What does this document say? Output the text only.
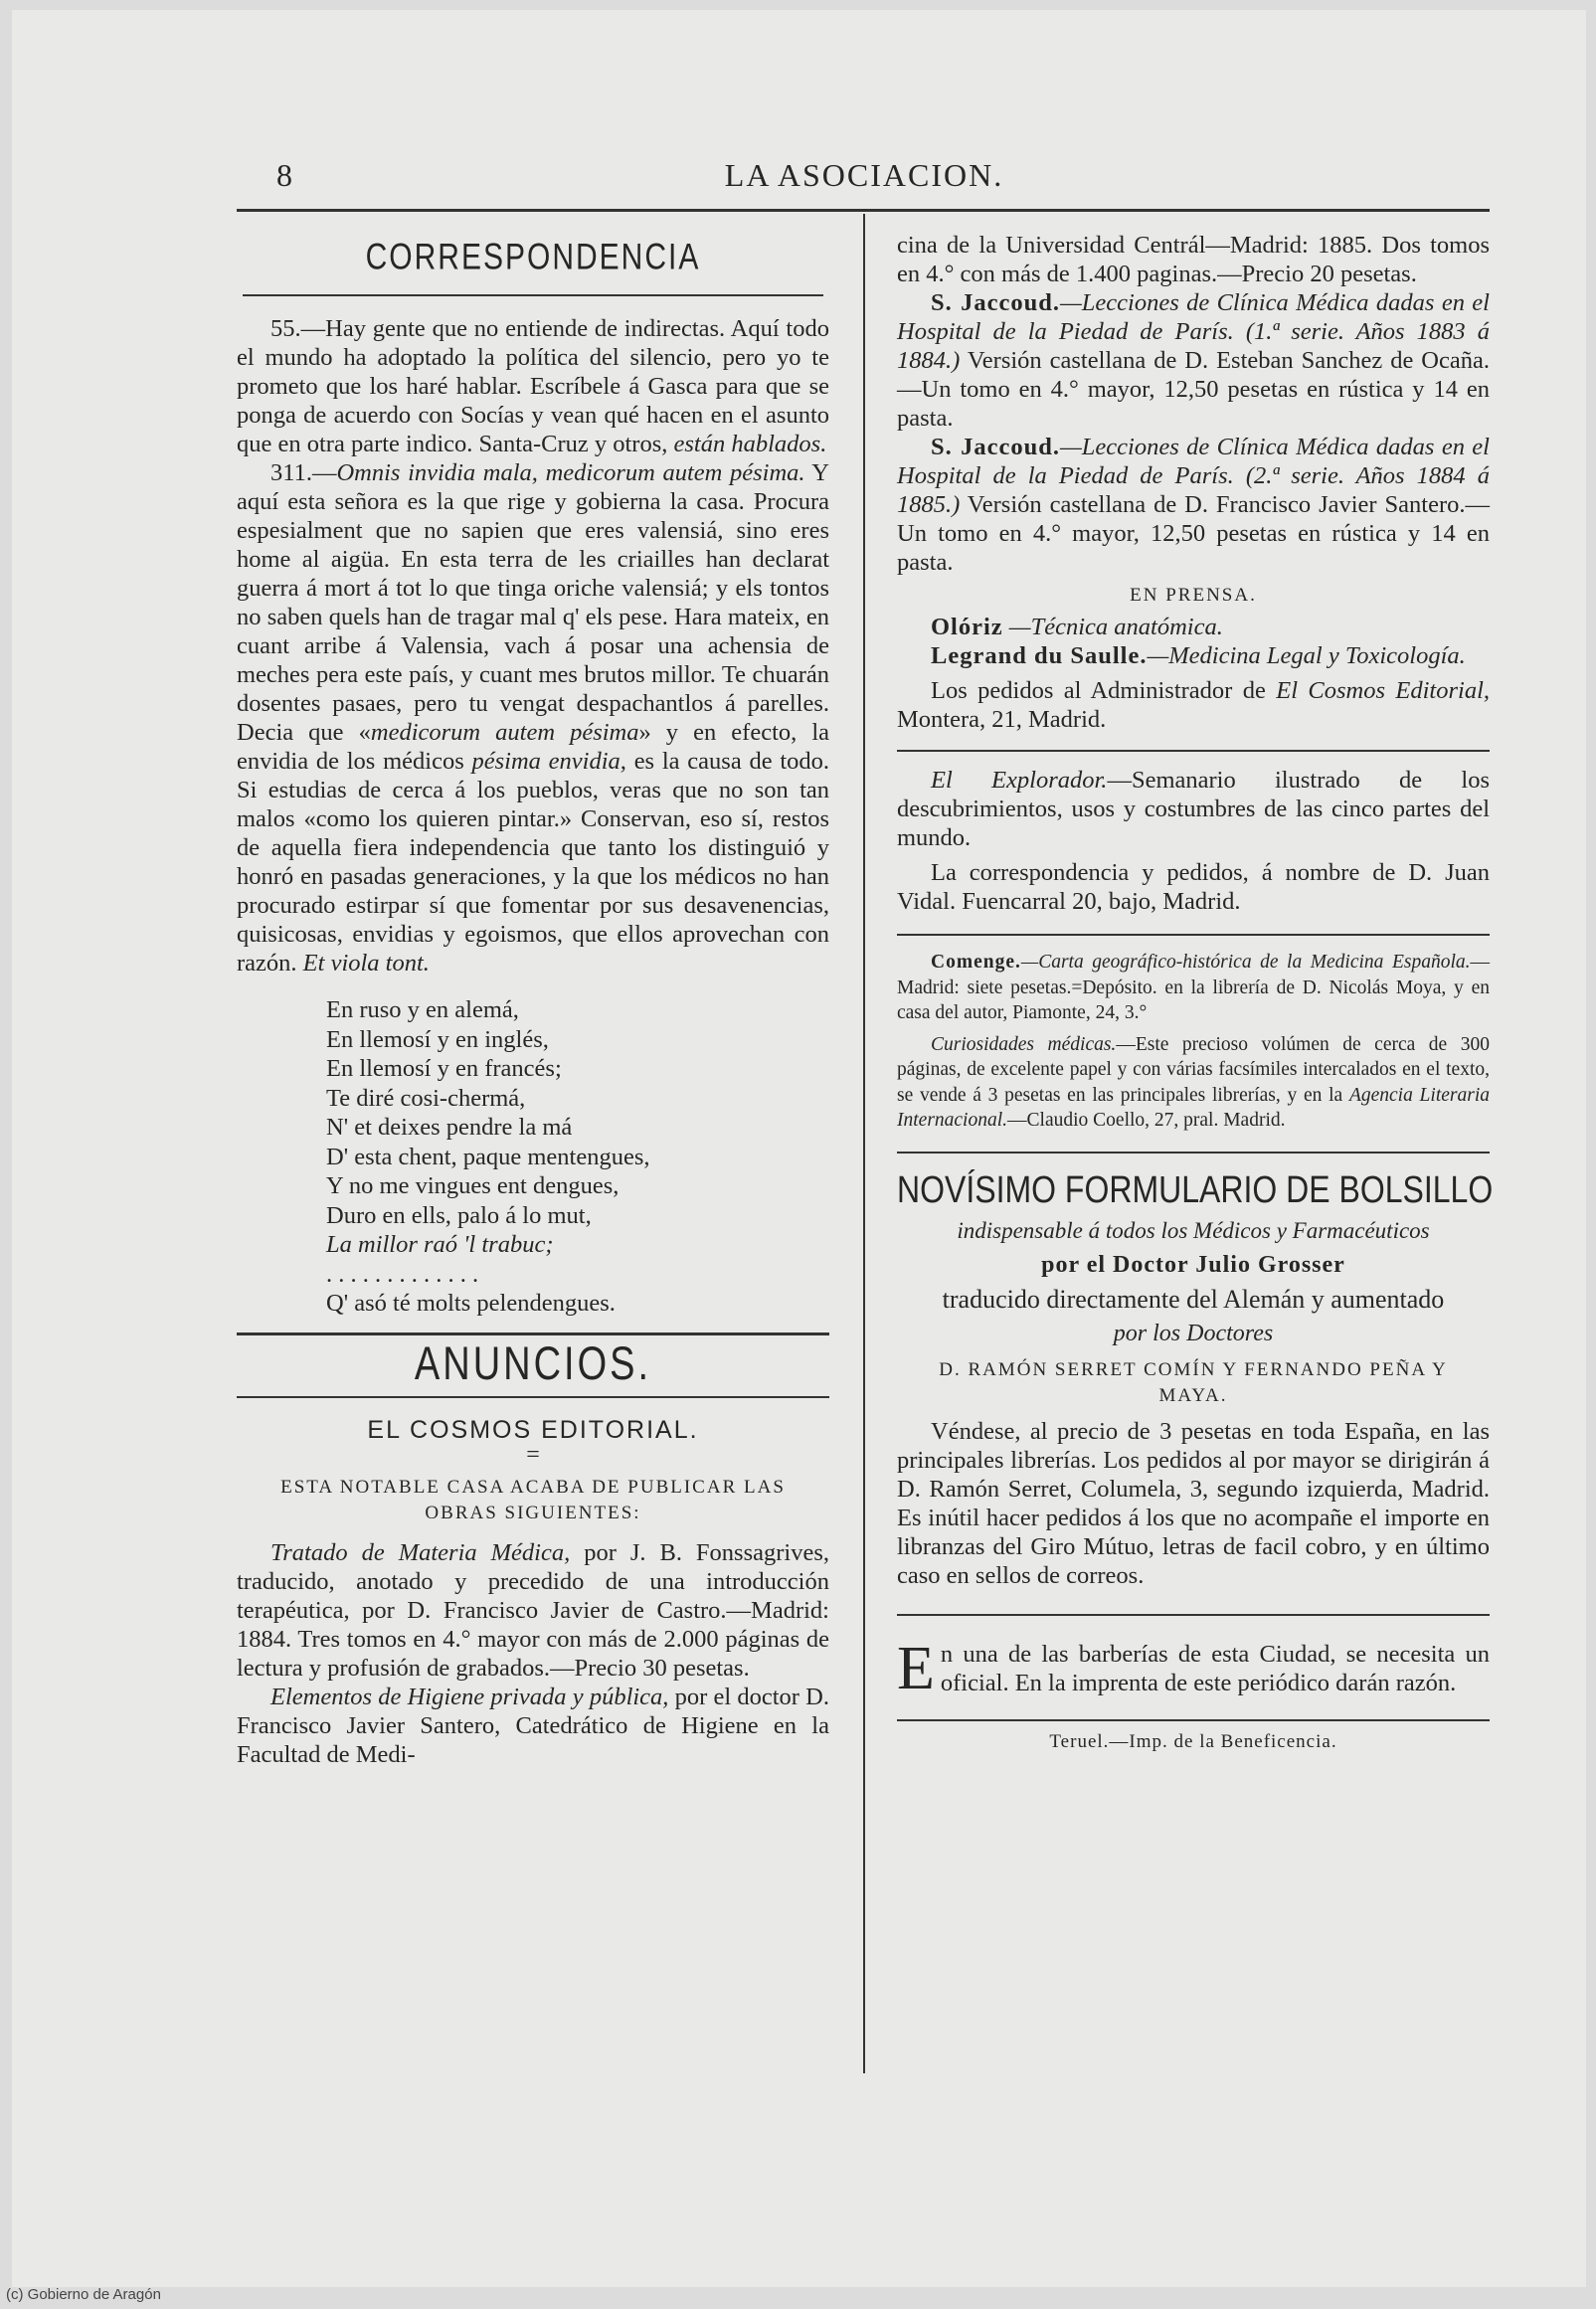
8	LA ASOCIACION.
CORRESPONDENCIA

55.—Hay gente que no entiende de indirectas. Aquí todo el mundo ha adoptado la política del silencio, pero yo te prometo que los haré hablar. Escríbele á Gasca para que se ponga de acuerdo con Socías y vean qué hacen en el asunto que en otra parte indico. Santa-Cruz y otros, están hablados.

311.—Omnis invidia mala, medicorum autem pésima. Y aquí esta señora es la que rige y gobierna la casa. Procura espesialment que no sapien que eres valensiá, sino eres home al aigüa. En esta terra de les criailles han declarat guerra á mort á tot lo que tinga oriche valensiá; y els tontos no saben quels han de tragar mal q' els pese. Hara mateix, en cuant arribe á Valensia, vach á posar una achensia de meches pera este país, y cuant mes brutos millor. Te chuarán dosentes pasaes, pero tu vengat despachantlos á parelles. Decia que «medicorum autem pésima» y en efecto, la envidia de los médicos pésima envidia, es la causa de todo. Si estudias de cerca á los pueblos, veras que no son tan malos «como los quieren pintar.» Conservan, eso sí, restos de aquella fiera independencia que tanto los distinguió y honró en pasadas generaciones, y la que los médicos no han procurado estirpar sí que fomentar por sus desavenencias, quisicosas, envidias y egoismos, que ellos aprovechan con razón. Et viola tont.

En ruso y en alemá,
En llemosí y en inglés,
En llemosí y en francés;
Te diré cosi-chermá,
N' et deixes pendre la má
D' esta chent, paque mentengues,
Y no me vingues ent dengues,
Duro en ells, palo á lo mut,
La millor raó 'l trabuc;
. . . . . . . . . . . . .
Q' asó té molts pelendengues.
ANUNCIOS.
EL COSMOS EDITORIAL.
=
ESTA NOTABLE CASA ACABA DE PUBLICAR LAS OBRAS SIGUIENTES:

Tratado de Materia Médica, por J. B. Fonssagrives, traducido, anotado y precedido de una introducción terapéutica, por D. Francisco Javier de Castro.—Madrid: 1884. Tres tomos en 4.° mayor con más de 2.000 páginas de lectura y profusión de grabados.—Precio 30 pesetas.

Elementos de Higiene privada y pública, por el doctor D. Francisco Javier Santero, Catedrático de Higiene en la Facultad de Medi-

cina de la Universidad Centrál—Madrid: 1885. Dos tomos en 4.° con más de 1.400 paginas.—Precio 20 pesetas.

S. Jaccoud.—Lecciones de Clínica Médica dadas en el Hospital de la Piedad de París. (1.ª serie. Años 1883 á 1884.) Versión castellana de D. Esteban Sanchez de Ocaña.—Un tomo en 4.° mayor, 12,50 pesetas en rústica y 14 en pasta.

S. Jaccoud.—Lecciones de Clínica Médica dadas en el Hospital de la Piedad de París. (2.ª serie. Años 1884 á 1885.) Versión castellana de D. Francisco Javier Santero.—Un tomo en 4.° mayor, 12,50 pesetas en rústica y 14 en pasta.

EN PRENSA.

Olóriz —Técnica anatómica.

Legrand du Saulle.—Medicina Legal y Toxicología.

Los pedidos al Administrador de El Cosmos Editorial, Montera, 21, Madrid.

El Explorador.—Semanario ilustrado de los descubrimientos, usos y costumbres de las cinco partes del mundo.

La correspondencia y pedidos, á nombre de D. Juan Vidal. Fuencarral 20, bajo, Madrid.

Comenge.—Carta geográfico-histórica de la Medicina Española.—Madrid: siete pesetas.=Depósito. en la librería de D. Nicolás Moya, y en casa del autor, Piamonte, 24, 3.°

Curiosidades médicas.—Este precioso volúmen de cerca de 300 páginas, de excelente papel y con várias facsímiles intercalados en el texto, se vende á 3 pesetas en las principales librerías, y en la Agencia Literaria Internacional.—Claudio Coello, 27, pral. Madrid.

NOVÍSIMO FORMULARIO DE BOLSILLO
indispensable á todos los Médicos y Farmacéuticos
por el Doctor Julio Grosser
traducido directamente del Alemán y aumentado
por los Doctores
D. RAMÓN SERRET COMÍN Y FERNANDO PEÑA Y MAYA.

Véndese, al precio de 3 pesetas en toda España, en las principales librerías. Los pedidos al por mayor se dirigirán á D. Ramón Serret, Columela, 3, segundo izquierda, Madrid. Es inútil hacer pedidos á los que no acompañe el importe en libranzas del Giro Mútuo, letras de facil cobro, y en último caso en sellos de correos.

En una de las barberías de esta Ciudad, se necesita un oficial. En la imprenta de este periódico darán razón.

Teruel.—Imp. de la Beneficencia.
(c) Gobierno de Aragón
